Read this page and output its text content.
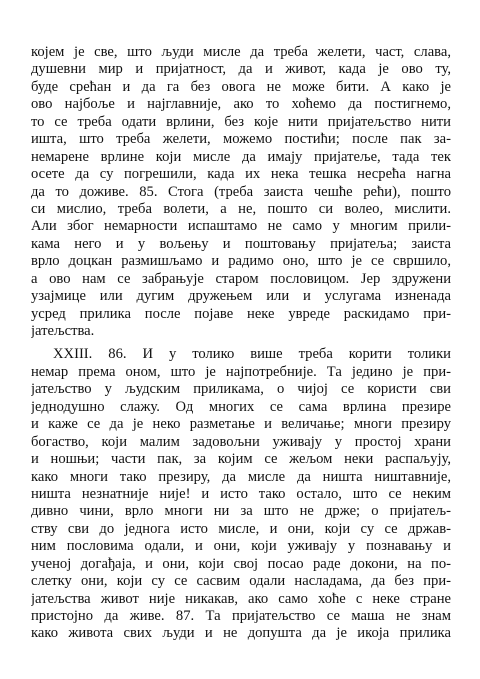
којем је све, што људи мисле да треба желети, част, слава,
душевни мир и пријатност, да и живот, када је ово ту,
буде срећан и да га без овога не може бити. А како је
ово најбоље и најглавније, ако то хоћемо да постигнемо,
то се треба одати врлини, без које нити пријатељство нити
ишта, што треба желети, можемо постићи; после пак за-
немарене врлине који мисле да имају пријатеље, тада тек
осете да су погрешили, када их нека тешка несрећа нагна
да то доживе. 85. Стога (треба заиста чешће рећи), пошто
си мислио, треба волети, а не, пошто си волео, мислити.
Али због немарности испаштамо не само у многим прили-
кама него и у вољењу и поштовању пријатеља; заиста
врло доцкан размишљамо и радимо оно, што је се свршило,
а ово нам се забрањује старом пословицом. Јер здружени
узајмице или дугим дружењем или и услугама изненада
усред прилика после појаве неке увреде раскидамо при-
јатељства.
XXIII. 86. И у толико више треба корити толики
немар према оном, што је најпотребније. Та једино је при-
јатељство у људским приликама, о чијој се користи сви
једнодушно слажу. Од многих се сама врлина презире
и каже се да је неко разметање и величање; многи презиру
богаство, који малим задовољни уживају у простој храни
и ношњи; части пак, за којим се жељом неки распаљују,
како многи тако презиру, да мисле да ништа ништавније,
ништа незнатније није! и исто тако остало, што се неким
дивно чини, врло многи ни за што не држе; о пријатељ-
ству сви до једнога исто мисле, и они, који су се држав-
ним пословима одали, и они, који уживају у познавању и
ученој догађаја, и они, који свој посао раде докони, на по-
слетку они, који су се сасвим одали насладама, да без при-
јатељства живот није никакав, ако само хоће с неке стране
пристојно да живе. 87. Та пријатељство се маша не знам
како живота свих људи и не допушта да је икоја прилика
